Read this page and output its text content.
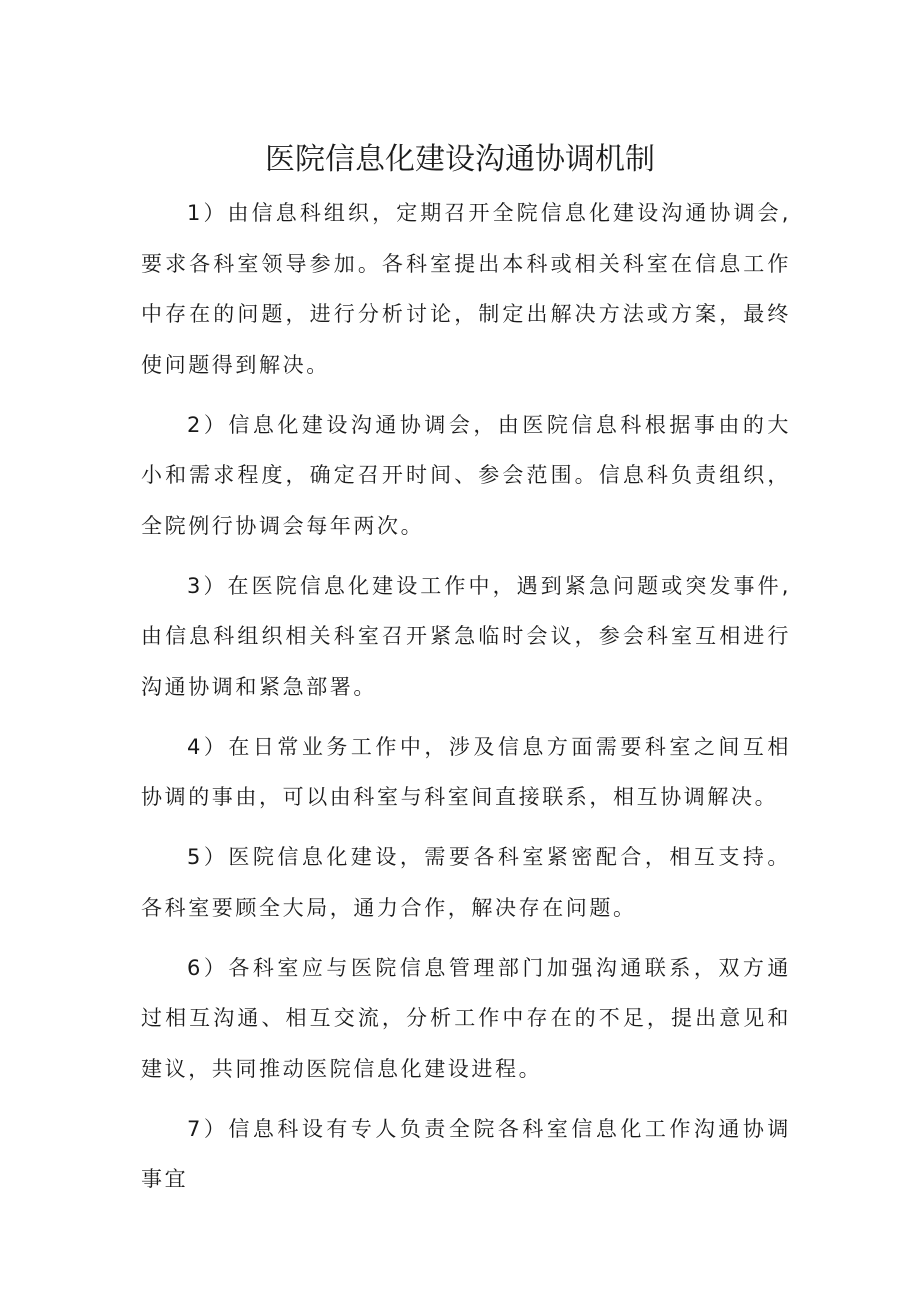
医院信息化建设沟通协调机制

1）由信息科组织，定期召开全院信息化建设沟通协调会,要求各科室领导参加。各科室提出本科或相关科室在信息工作中存在的问题，进行分析讨论，制定出解决方法或方案，最终使问题得到解决。

2）信息化建设沟通协调会，由医院信息科根据事由的大小和需求程度，确定召开时间、参会范围。信息科负责组织，全院例行协调会每年两次。

3）在医院信息化建设工作中，遇到紧急问题或突发事件,由信息科组织相关科室召开紧急临时会议，参会科室互相进行沟通协调和紧急部署。

4）在日常业务工作中，涉及信息方面需要科室之间互相协调的事由，可以由科室与科室间直接联系，相互协调解决。

5）医院信息化建设，需要各科室紧密配合，相互支持。各科室要顾全大局，通力合作，解决存在问题。

6）各科室应与医院信息管理部门加强沟通联系，双方通过相互沟通、相互交流，分析工作中存在的不足，提出意见和建议，共同推动医院信息化建设进程。

7）信息科设有专人负责全院各科室信息化工作沟通协调事宜
